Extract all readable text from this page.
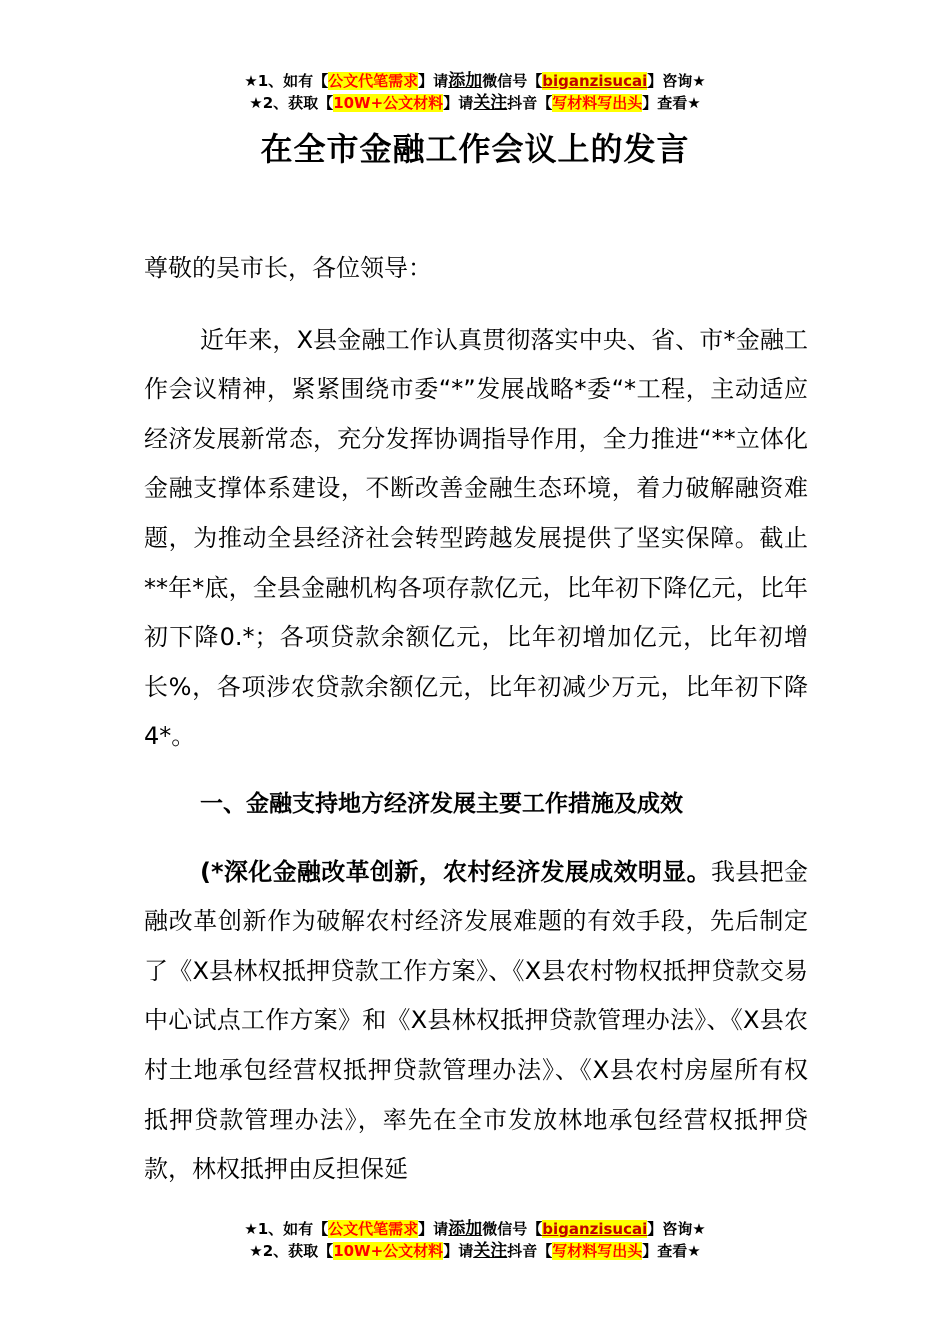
★1、如有【公文代笔需求】请添加微信号【biganzisucai】咨询★
★2、获取【10W+公文材料】请关注抖音【写材料写出头】查看★
在全市金融工作会议上的发言

尊敬的吴市长，各位领导：

近年来，X县金融工作认真贯彻落实中央、省、市*金融工作会议精神，紧紧围绕市委“*”发展战略*委“*工程，主动适应经济发展新常态，充分发挥协调指导作用，全力推进“**立体化金融支撑体系建设，不断改善金融生态环境，着力破解融资难题，为推动全县经济社会转型跨越发展提供了坚实保障。截止**年*底，全县金融机构各项存款亿元，比年初下降亿元，比年初下降0.*；各项贷款余额亿元，比年初增加亿元，比年初增长%，各项涉农贷款余额亿元，比年初减少万元，比年初下降4*。

一、金融支持地方经济发展主要工作措施及成效

(*深化金融改革创新，农村经济发展成效明显。我县把金融改革创新作为破解农村经济发展难题的有效手段，先后制定了《X县林权抵押贷款工作方案》、《X县农村物权抵押贷款交易中心试点工作方案》和《X县林权抵押贷款管理办法》、《X县农村土地承包经营权抵押贷款管理办法》、《X县农村房屋所有权抵押贷款管理办法》，率先在全市发放林地承包经营权抵押贷款，林权抵押由反担保延

★1、如有【公文代笔需求】请添加微信号【biganzisucai】咨询★
★2、获取【10W+公文材料】请关注抖音【写材料写出头】查看★
